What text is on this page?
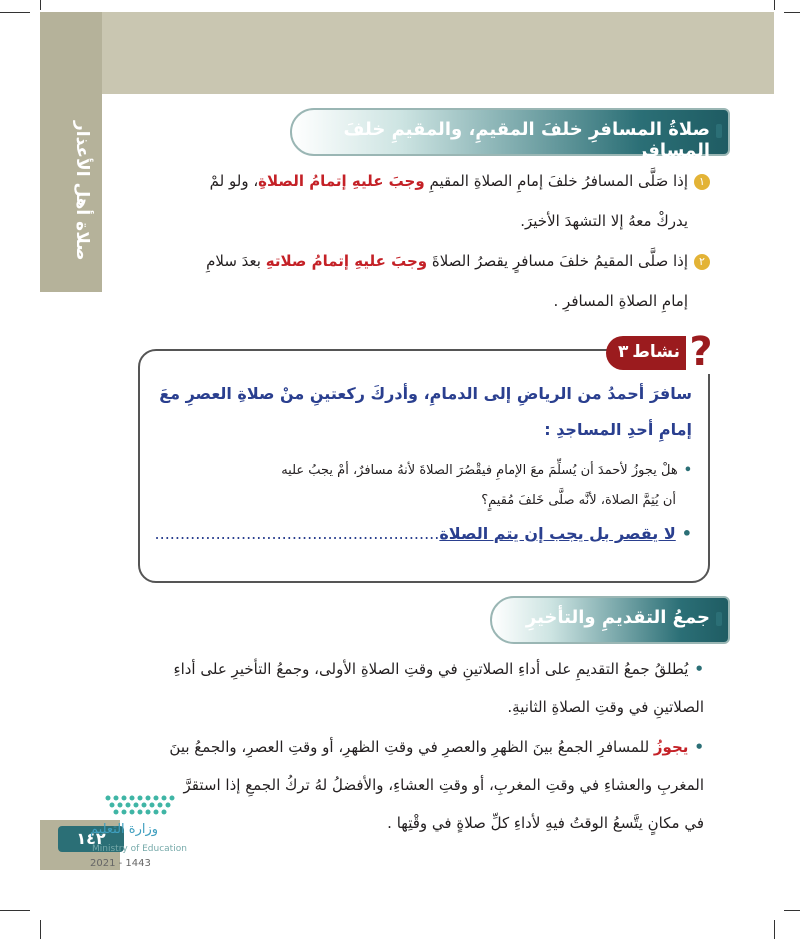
صلاة أهل الأعذار	صلاةُ المسافرِ خلفَ المقيمِ، والمقيمِ خلفَ المسافرِ
١إذا صَلَّى المسافرُ خلفَ إمامِ الصلاةِ المقيمِ وجبَ عليهِ إتمامُ الصلاةِ، ولو لمْ
يدركْ معهُ إلا التشهدَ الأخيرَ.
٢إذا صلَّى المقيمُ خلفَ مسافرٍ يقصرُ الصلاةَ وجبَ عليهِ إتمامُ صلاتهِ بعدَ سلامِ
إمامِ الصلاةِ المسافرِ .
?
نشاط
٣
سافرَ أحمدُ من الرياضِ إلى الدمامِ، وأدركَ ركعتينِ منْ صلاةِ العصرِ معَ
إمامِ أحدِ المساجدِ :
•هلْ يجوزُ لأحمدَ أن يُسلِّمَ معَ الإمامِ فيقْصُرَ الصلاةَ لأنهُ مسافرٌ، أمْ يجبُ عليه
أن يُتِمَّ الصلاة، لأنَّه صلَّى خَلفَ مُقيمٍ؟
•لا يقصر بل يجب إن يتم الصلاة........................................................
جمعُ التقديمِ والتأخيرِ
•يُطلقُ جمعُ التقديمِ على أداءِ الصلاتينِ في وقتِ الصلاةِ الأولى، وجمعُ التأخيرِ على أداءِ
الصلاتينِ في وقتِ الصلاةِ الثانيةِ.
•يجوزُ للمسافرِ الجمعُ بينَ الظهرِ والعصرِ في وقتِ الظهرِ، أو وقتِ العصرِ، والجمعُ بينَ
المغربِ والعشاءِ في وقتِ المغربِ، أو وقتِ العشاءِ، والأفضلُ لهُ تركُ الجمعِ إذا استقرَّ
في مكانٍ يتَّسعُ الوقتُ فيهِ لأداءِ كلِّ صلاةٍ في وقْتِها .
١٤٢
وزارة التعليم
Ministry of Education
2021 - 1443
